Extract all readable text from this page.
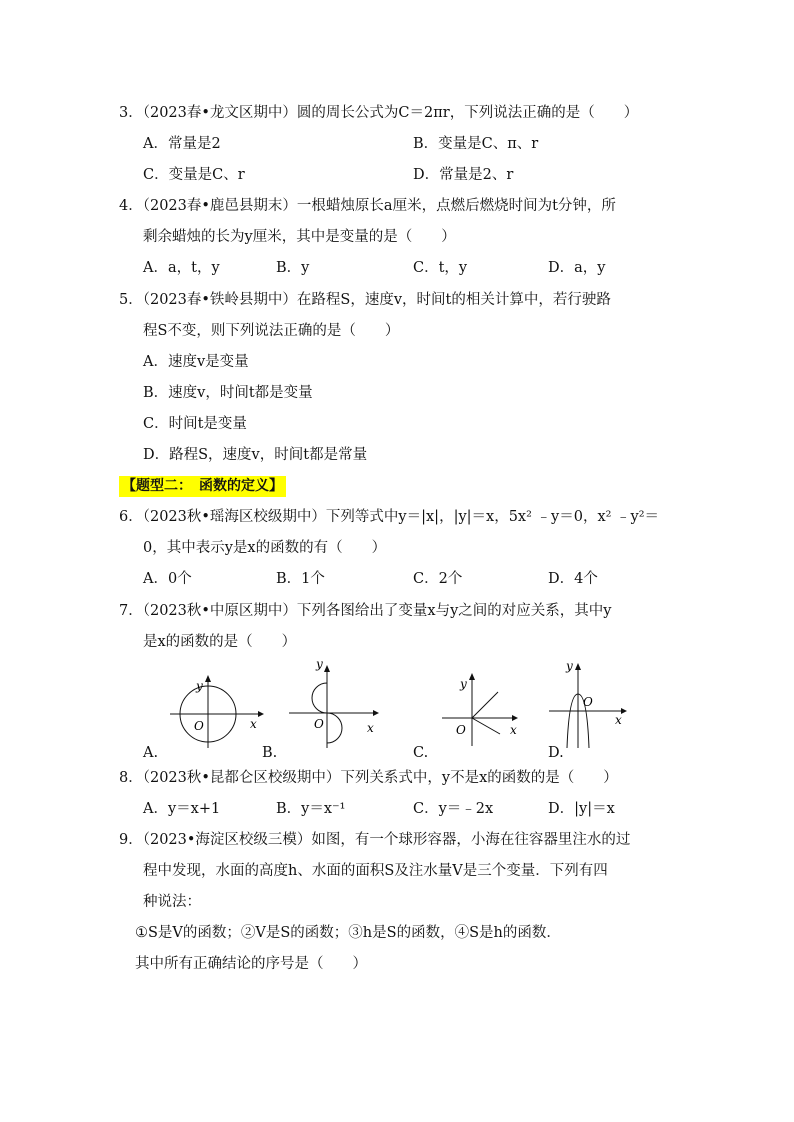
3．（2023春•龙文区期中）圆的周长公式为C＝2πr，下列说法正确的是（　　）
A．常量是2	B．变量是C、π、r
C．变量是C、r	D．常量是2、r
4．（2023春•鹿邑县期末）一根蜡烛原长a厘米，点燃后燃烧时间为t分钟，所
剩余蜡烛的长为y厘米，其中是变量的是（　　）
A．a，t，y	B．y	C．t，y	D．a，y
5．（2023春•铁岭县期中）在路程S，速度v，时间t的相关计算中，若行驶路
程S不变，则下列说法正确的是（　　）
A．速度v是变量
B．速度v，时间t都是变量
C．时间t是变量
D．路程S，速度v，时间t都是常量
【题型二：　函数的定义】
6．（2023秋•瑶海区校级期中）下列等式中y＝|x|，|y|＝x，5x² ﹣y＝0，x² ﹣y²＝
0，其中表示y是x的函数的有（　　）
A．0个	B．1个	C．2个	D．4个
7．（2023秋•中原区期中）下列各图给出了变量x与y之间的对应关系，其中y
是x的函数的是（　　）
y
x
O
A.
y
x
O
B.
y
x
O
C.
y
x
O
D.
8．（2023秋•昆都仑区校级期中）下列关系式中，y不是x的函数的是（　　）
A．y＝x+1	B．y＝x⁻¹	C．y＝﹣2x	D．|y|＝x
9．（2023•海淀区校级三模）如图，有一个球形容器，小海在往容器里注水的过
程中发现，水面的高度h、水面的面积S及注水量V是三个变量．下列有四
种说法：
①S是V的函数；②V是S的函数；③h是S的函数，④S是h的函数．
其中所有正确结论的序号是（　　）
